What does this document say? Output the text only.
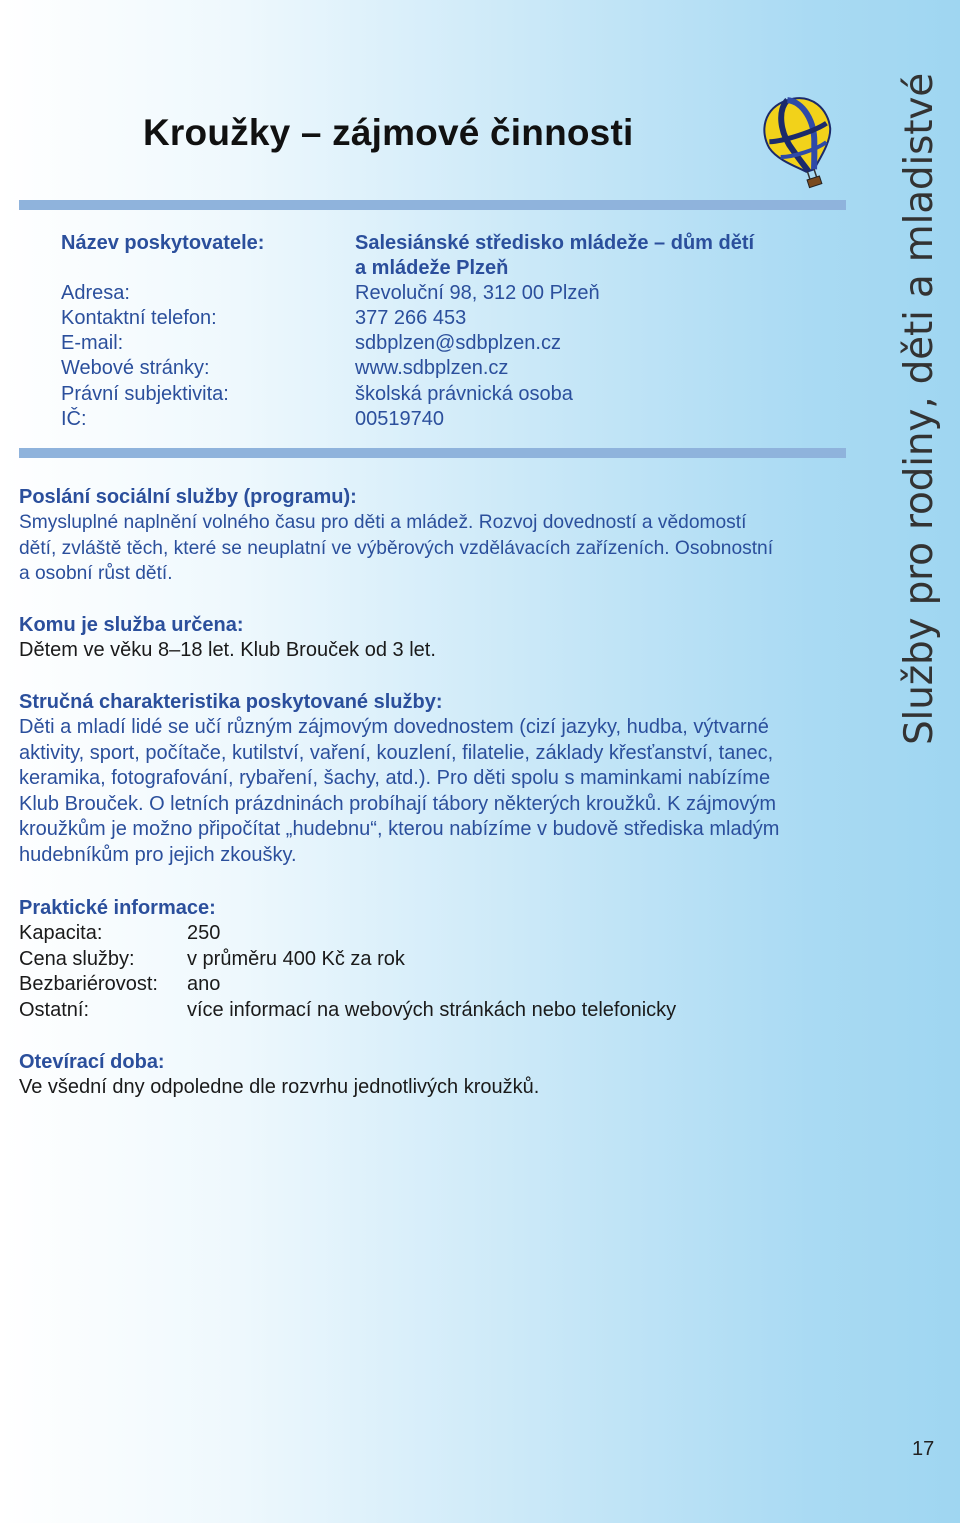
Kroužky – zájmové činnosti
Název poskytovatele:	Salesiánské středisko mládeže – dům dětí
a mládeže Plzeň
Adresa:	Revoluční 98, 312 00 Plzeň
Kontaktní telefon:	377 266 453
E-mail:	sdbplzen@sdbplzen.cz
Webové stránky:	www.sdbplzen.cz
Právní subjektivita:	školská právnická osoba
IČ:	00519740
Poslání sociální služby (programu):
Smysluplné naplnění volného času pro děti a mládež. Rozvoj dovedností a vědomostí
dětí, zvláště těch, které se neuplatní ve výběrových vzdělávacích zařízeních. Osobnostní
a osobní růst dětí.
Komu je služba určena:
Dětem ve věku 8–18 let. Klub Brouček od 3 let.
Stručná charakteristika poskytované služby:
Děti a mladí lidé se učí různým zájmovým dovednostem (cizí jazyky, hudba, výtvarné
aktivity, sport, počítače, kutilství, vaření, kouzlení, filatelie, základy křesťanství, tanec,
keramika, fotografování, rybaření, šachy, atd.). Pro děti spolu s maminkami nabízíme
Klub Brouček. O letních prázdninách probíhají tábory některých kroužků. K zájmovým
kroužkům je možno připočítat „hudebnu“, kterou nabízíme v budově střediska mladým
hudebníkům pro jejich zkoušky.
Praktické informace:
Kapacita:	250
Cena služby:	v průměru 400 Kč za rok
Bezbariérovost: ano
Ostatní:	více informací na webových stránkách nebo telefonicky
Otevírací doba:
Ve všední dny odpoledne dle rozvrhu jednotlivých kroužků.
Služby pro rodiny, děti a mladistvé
17
